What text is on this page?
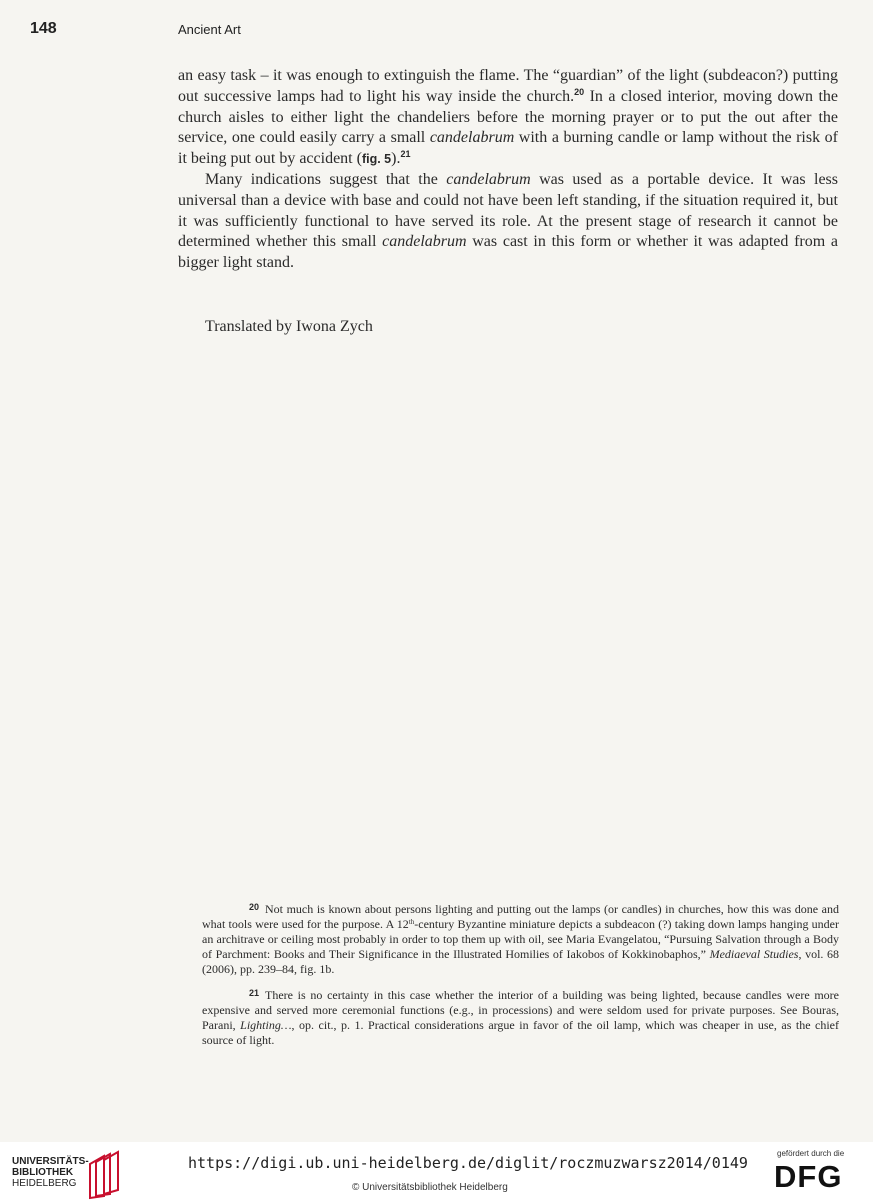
148	Ancient Art

an easy task – it was enough to extinguish the flame. The “guardian” of the light (subdeacon?) putting out successive lamps had to light his way inside the church.$^{20}$ In a closed interior, moving down the church aisles to either light the chandeliers before the morning prayer or to put the out after the service, one could easily carry a small candelabrum with a burning candle or lamp without the risk of it being put out by accident (fig. 5).$^{21}$

Many indications suggest that the candelabrum was used as a portable device. It was less universal than a device with base and could not have been left standing, if the situation required it, but it was sufficiently functional to have served its role. At the present stage of research it cannot be determined whether this small candelabrum was cast in this form or whether it was adapted from a bigger light stand.

Translated by Iwona Zych

$^{20}$ Not much is known about persons lighting and putting out the lamps (or candles) in churches, how this was done and what tools were used for the purpose. A 12th-century Byzantine miniature depicts a subdeacon (?) taking down lamps hanging under an architrave or ceiling most probably in order to top them up with oil, see Maria Evangelatou, “Pursuing Salvation through a Body of Parchment: Books and Their Significance in the Illustrated Homilies of Iakobos of Kokkinobaphos,” Mediaeval Studies, vol. 68 (2006), pp. 239–84, fig. 1b.

$^{21}$ There is no certainty in this case whether the interior of a building was being lighted, because candles were more expensive and served more ceremonial functions (e.g., in processions) and were seldom used for private purposes. See Bouras, Parani, Lighting…, op. cit., p. 1. Practical considerations argue in favor of the oil lamp, which was cheaper in use, as the chief source of light.

UNIVERSITÄTS-
BIBLIOTHEK
HEIDELBERG
https://digi.ub.uni-heidelberg.de/diglit/roczmuzwarsz2014/0149
© Universitätsbibliothek Heidelberg
gefördert durch die
DFG
